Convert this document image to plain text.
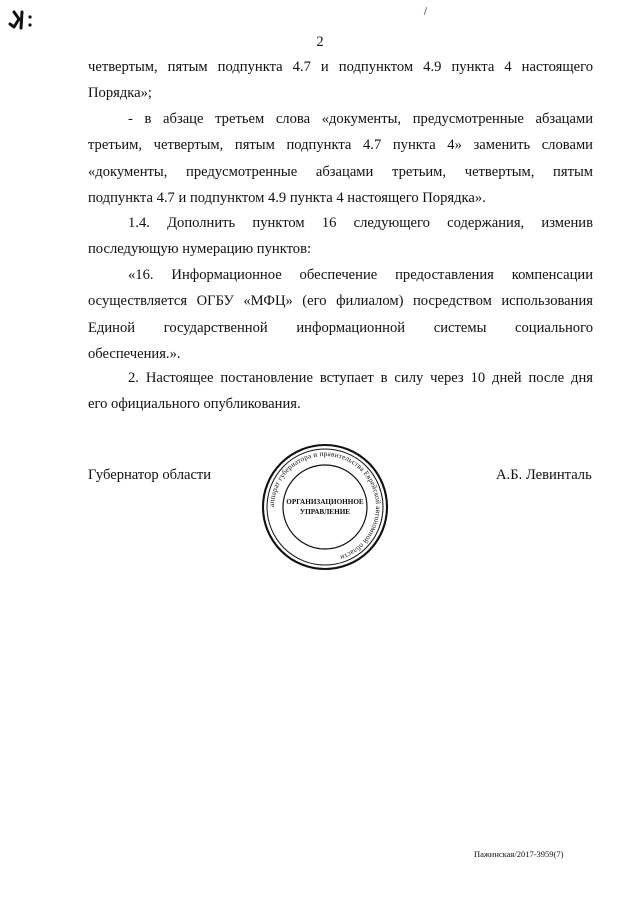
2

четвертым, пятым подпункта 4.7 и подпунктом 4.9 пункта 4 настоящего
Порядка»;

- в абзаце третьем слова «документы, предусмотренные абзацами
третьим, четвертым, пятым подпункта 4.7 пункта 4» заменить словами
«документы, предусмотренные абзацами третьим, четвертым, пятым
подпункта 4.7 и подпунктом 4.9 пункта 4 настоящего Порядка».

1.4. Дополнить пунктом 16 следующего содержания, изменив
последующую нумерацию пунктов:

«16. Информационное обеспечение предоставления компенсации
осуществляется ОГБУ «МФЦ» (его филиалом) посредством использования
Единой государственной информационной системы социального
обеспечения.».

2. Настоящее постановление вступает в силу через 10 дней после дня
его официального опубликования.

Губернатор области	А.Б. Левинталь

аппарат губернатора и правительства Еврейской автономной области
ОРГАНИЗАЦИОННОЕ
УПРАВЛЕНИЕ

Пажинская/2017-3959(7)
